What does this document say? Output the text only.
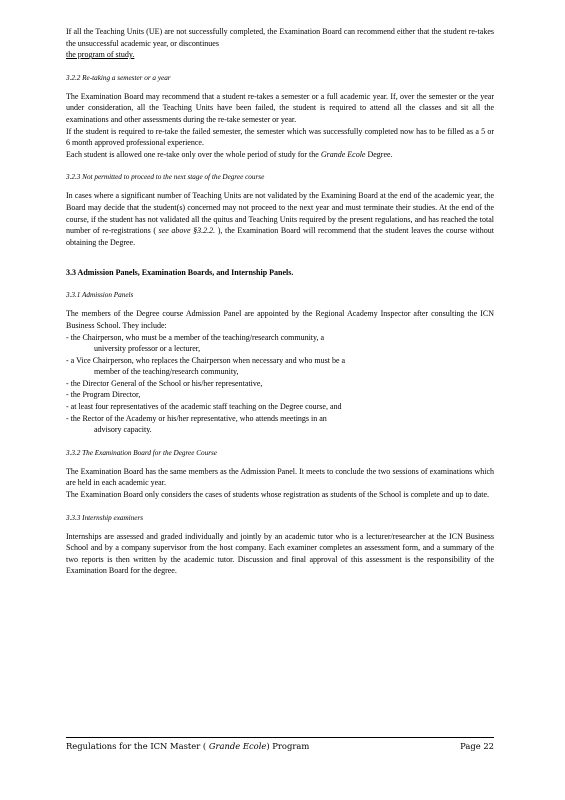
If all the Teaching Units (UE) are not successfully completed, the Examination Board can recommend either that the student re-takes the unsuccessful academic year, or discontinues

the program of study.

3.2.2 Re-taking a semester or a year

The Examination Board may recommend that a student re-takes a semester or a full academic year. If, over the semester or the year under consideration, all the Teaching Units have been failed, the student is required to attend all the classes and sit all the examinations and other assessments during the re-take semester or year.

If the student is required to re-take the failed semester, the semester which was successfully completed now has to be filled as a 5 or 6 month approved professional experience.

Each student is allowed one re-take only over the whole period of study for the Grande Ecole Degree.

3.2.3 Not permitted to proceed to the next stage of the Degree course

In cases where a significant number of Teaching Units are not validated by the Examining Board at the end of the academic year, the Board may decide that the student(s) concerned may not proceed to the next year and must terminate their studies. At the end of the course, if the student has not validated all the quitus and Teaching Units required by the present regulations, and has reached the total number of re-registrations ( see above §3.2.2. ), the Examination Board will recommend that the student leaves the course without obtaining the Degree.

3.3 Admission Panels, Examination Boards, and Internship Panels.
3.3.1 Admission Panels

The members of the Degree course Admission Panel are appointed by the Regional Academy Inspector after consulting the ICN Business School. They include:

- the Chairperson, who must be a member of the teaching/research community, a
university professor or a lecturer,
- a Vice Chairperson, who replaces the Chairperson when necessary and who must be a
member of the teaching/research community,
- the Director General of the School or his/her representative,
- the Program Director,
- at least four representatives of the academic staff teaching on the Degree course, and
- the Rector of the Academy or his/her representative, who attends meetings in an
advisory capacity.
3.3.2 The Examination Board for the Degree Course

The Examination Board has the same members as the Admission Panel. It meets to conclude the two sessions of examinations which are held in each academic year.

The Examination Board only considers the cases of students whose registration as students of the School is complete and up to date.

3.3.3 Internship examiners

Internships are assessed and graded individually and jointly by an academic tutor who is a lecturer/researcher at the ICN Business School and by a company supervisor from the host company. Each examiner completes an assessment form, and a summary of the two reports is then written by the academic tutor. Discussion and final approval of this assessment is the responsibility of the Examination Board for the degree.

Regulations for the ICN Master ( Grande Ecole) Program	Page 22
